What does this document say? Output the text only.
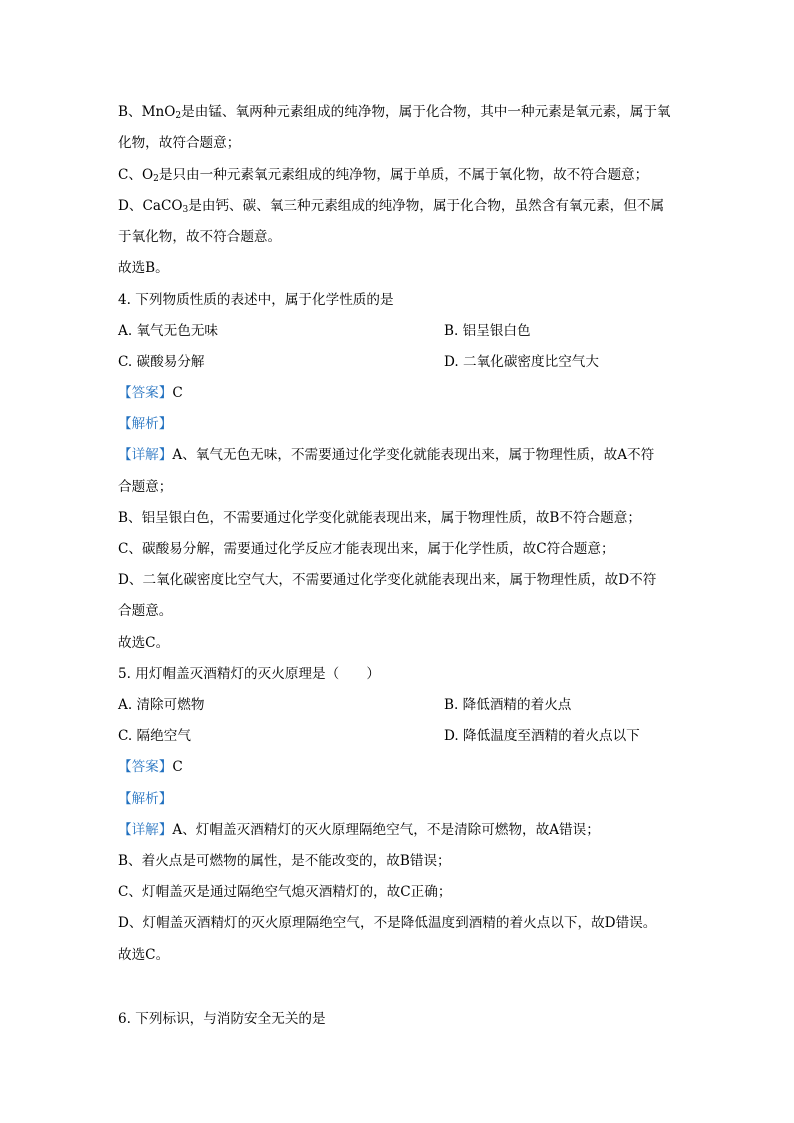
B、MnO$_2$是由锰、氧两种元素组成的纯净物，属于化合物，其中一种元素是氧元素，属于氧
化物，故符合题意；
C、$O_2$是只由一种元素氧元素组成的纯净物，属于单质，不属于氧化物，故不符合题意；
D、CaCO$_3$是由钙、碳、氧三种元素组成的纯净物，属于化合物，虽然含有氧元素，但不属
于氧化物，故不符合题意。
故选B。
4. 下列物质性质的表述中，属于化学性质的是
A. 氧气无色无味	B. 铝呈银白色
C. 碳酸易分解	D. 二氧化碳密度比空气大
【答案】C
【解析】
【详解】A、氧气无色无味，不需要通过化学变化就能表现出来，属于物理性质，故A不符
合题意；
B、铝呈银白色，不需要通过化学变化就能表现出来，属于物理性质，故B不符合题意；
C、碳酸易分解，需要通过化学反应才能表现出来，属于化学性质，故C符合题意；
D、二氧化碳密度比空气大，不需要通过化学变化就能表现出来，属于物理性质，故D不符
合题意。
故选C。
5. 用灯帽盖灭酒精灯的灭火原理是（　　）
A. 清除可燃物	B. 降低酒精的着火点
C. 隔绝空气	D. 降低温度至酒精的着火点以下
【答案】C
【解析】
【详解】A、灯帽盖灭酒精灯的灭火原理隔绝空气，不是清除可燃物，故A错误；
B、着火点是可燃物的属性，是不能改变的，故B错误；
C、灯帽盖灭是通过隔绝空气熄灭酒精灯的，故C正确；
D、灯帽盖灭酒精灯的灭火原理隔绝空气，不是降低温度到酒精的着火点以下，故D错误。
故选C。
6. 下列标识，与消防安全无关的是
